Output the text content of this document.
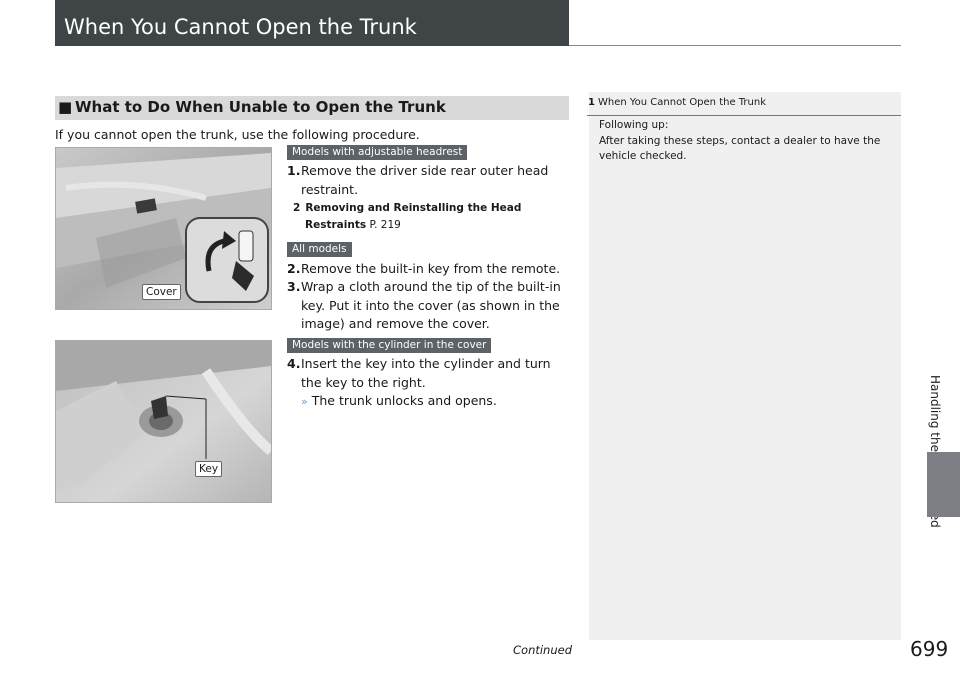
When You Cannot Open the Trunk
■ What to Do When Unable to Open the Trunk
If you cannot open the trunk, use the following procedure.
Cover
Key
Models with adjustable headrest
1. Remove the driver side rear outer head restraint.
2 Removing and Reinstalling the Head Restraints P. 219
All models
2. Remove the built-in key from the remote.
3. Wrap a cloth around the tip of the built-in key. Put it into the cover (as shown in the image) and remove the cover.
Models with the cylinder in the cover
4. Insert the key into the cylinder and turn the key to the right.
» The trunk unlocks and opens.
1 When You Cannot Open the Trunk

Following up:

After taking these steps, contact a dealer to have the vehicle checked.

Continued	699
